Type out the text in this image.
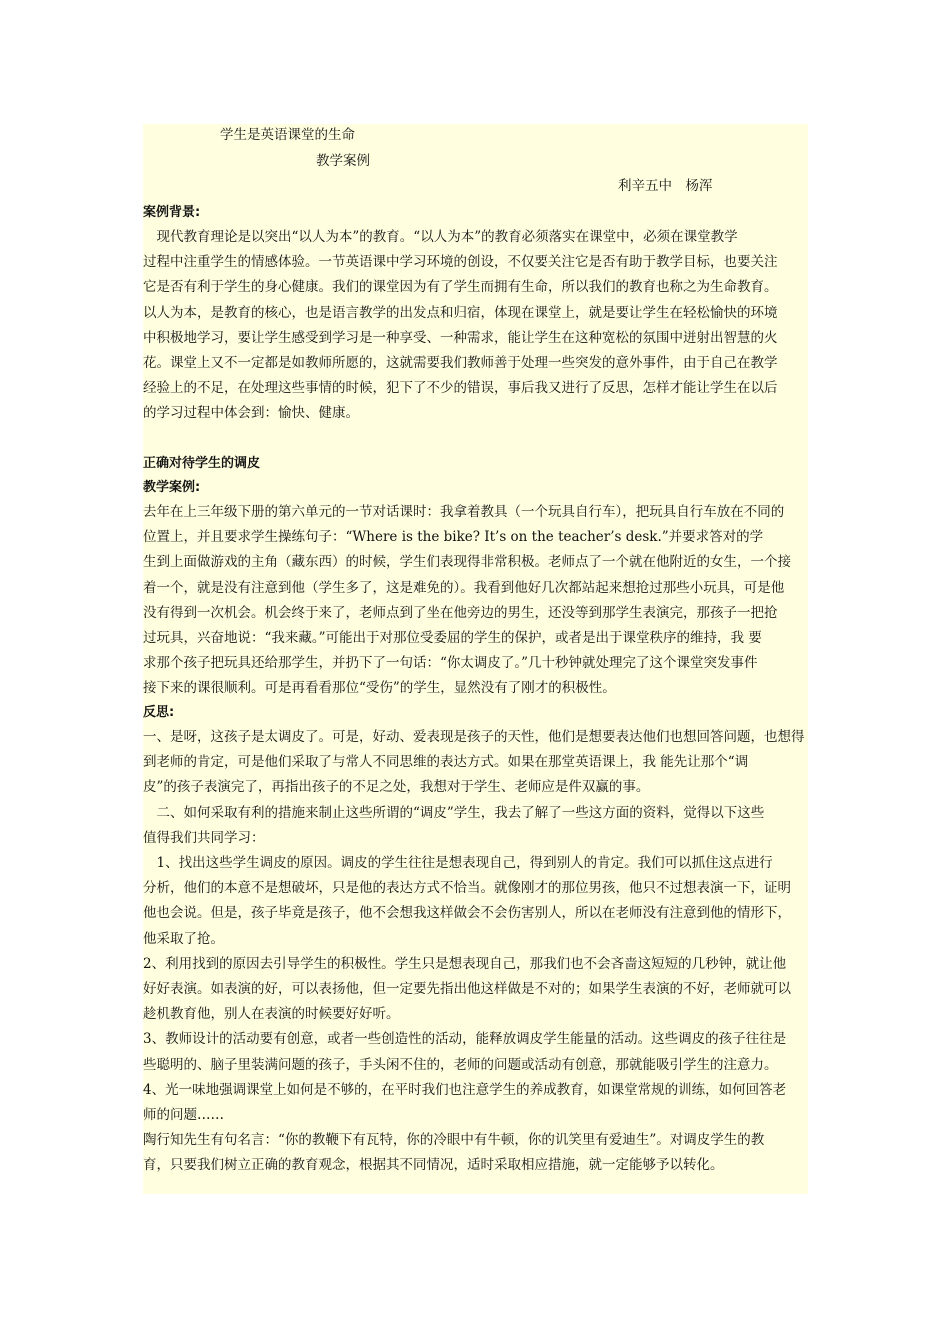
学生是英语课堂的生命
教学案例
利辛五中　杨浑
案例背景:
　现代教育理论是以突出“以人为本”的教育。“以人为本”的教育必须落实在课堂中，必须在课堂教学
过程中注重学生的情感体验。一节英语课中学习环境的创设，不仅要关注它是否有助于教学目标，也要关注
它是否有利于学生的身心健康。我们的课堂因为有了学生而拥有生命，所以我们的教育也称之为生命教育。
以人为本，是教育的核心，也是语言教学的出发点和归宿，体现在课堂上，就是要让学生在轻松愉快的环境
中积极地学习，要让学生感受到学习是一种享受、一种需求，能让学生在这种宽松的氛围中迸射出智慧的火
花。课堂上又不一定都是如教师所愿的，这就需要我们教师善于处理一些突发的意外事件，由于自己在教学
经验上的不足，在处理这些事情的时候，犯下了不少的错误，事后我又进行了反思，怎样才能让学生在以后
的学习过程中体会到：愉快、健康。
正确对待学生的调皮
教学案例:
去年在上三年级下册的第六单元的一节对话课时：我拿着教具（一个玩具自行车），把玩具自行车放在不同的
位置上，并且要求学生操练句子：“Where is the bike? It’s on the teacher’s desk.”并要求答对的学
生到上面做游戏的主角（藏东西）的时候，学生们表现得非常积极。老师点了一个就在他附近的女生，一个接
着一个，就是没有注意到他（学生多了，这是难免的）。我看到他好几次都站起来想抢过那些小玩具，可是他
没有得到一次机会。机会终于来了，老师点到了坐在他旁边的男生，还没等到那学生表演完，那孩子一把抢
过玩具，兴奋地说：“我来藏。”可能出于对那位受委屈的学生的保护，或者是出于课堂秩序的维持，我 要
求那个孩子把玩具还给那学生，并扔下了一句话：“你太调皮了。”几十秒钟就处理完了这个课堂突发事件
接下来的课很顺利。可是再看看那位“受伤”的学生，显然没有了刚才的积极性。
反思:
一、是呀，这孩子是太调皮了。可是，好动、爱表现是孩子的天性，他们是想要表达他们也想回答问题，也想得
到老师的肯定，可是他们采取了与常人不同思维的表达方式。如果在那堂英语课上，我 能先让那个“调
皮”的孩子表演完了，再指出孩子的不足之处，我想对于学生、老师应是件双赢的事。
　二、如何采取有利的措施来制止这些所谓的“调皮”学生，我去了解了一些这方面的资料，觉得以下这些
值得我们共同学习：
　1、找出这些学生调皮的原因。调皮的学生往往是想表现自己，得到别人的肯定。我们可以抓住这点进行
分析，他们的本意不是想破坏，只是他的表达方式不恰当。就像刚才的那位男孩，他只不过想表演一下，证明
他也会说。但是，孩子毕竟是孩子，他不会想我这样做会不会伤害别人，所以在老师没有注意到他的情形下，
他采取了抢。
2、利用找到的原因去引导学生的积极性。学生只是想表现自己，那我们也不会吝啬这短短的几秒钟，就让他
好好表演。如表演的好，可以表扬他，但一定要先指出他这样做是不对的；如果学生表演的不好，老师就可以
趁机教育他，别人在表演的时候要好好听。
3、教师设计的活动要有创意，或者一些创造性的活动，能释放调皮学生能量的活动。这些调皮的孩子往往是
些聪明的、脑子里装满问题的孩子，手头闲不住的，老师的问题或活动有创意，那就能吸引学生的注意力。
4、光一味地强调课堂上如何是不够的，在平时我们也注意学生的养成教育，如课堂常规的训练，如何回答老
师的问题……
陶行知先生有句名言：“你的教鞭下有瓦特，你的冷眼中有牛顿，你的讥笑里有爱迪生”。对调皮学生的教
育，只要我们树立正确的教育观念，根据其不同情况，适时采取相应措施，就一定能够予以转化。
